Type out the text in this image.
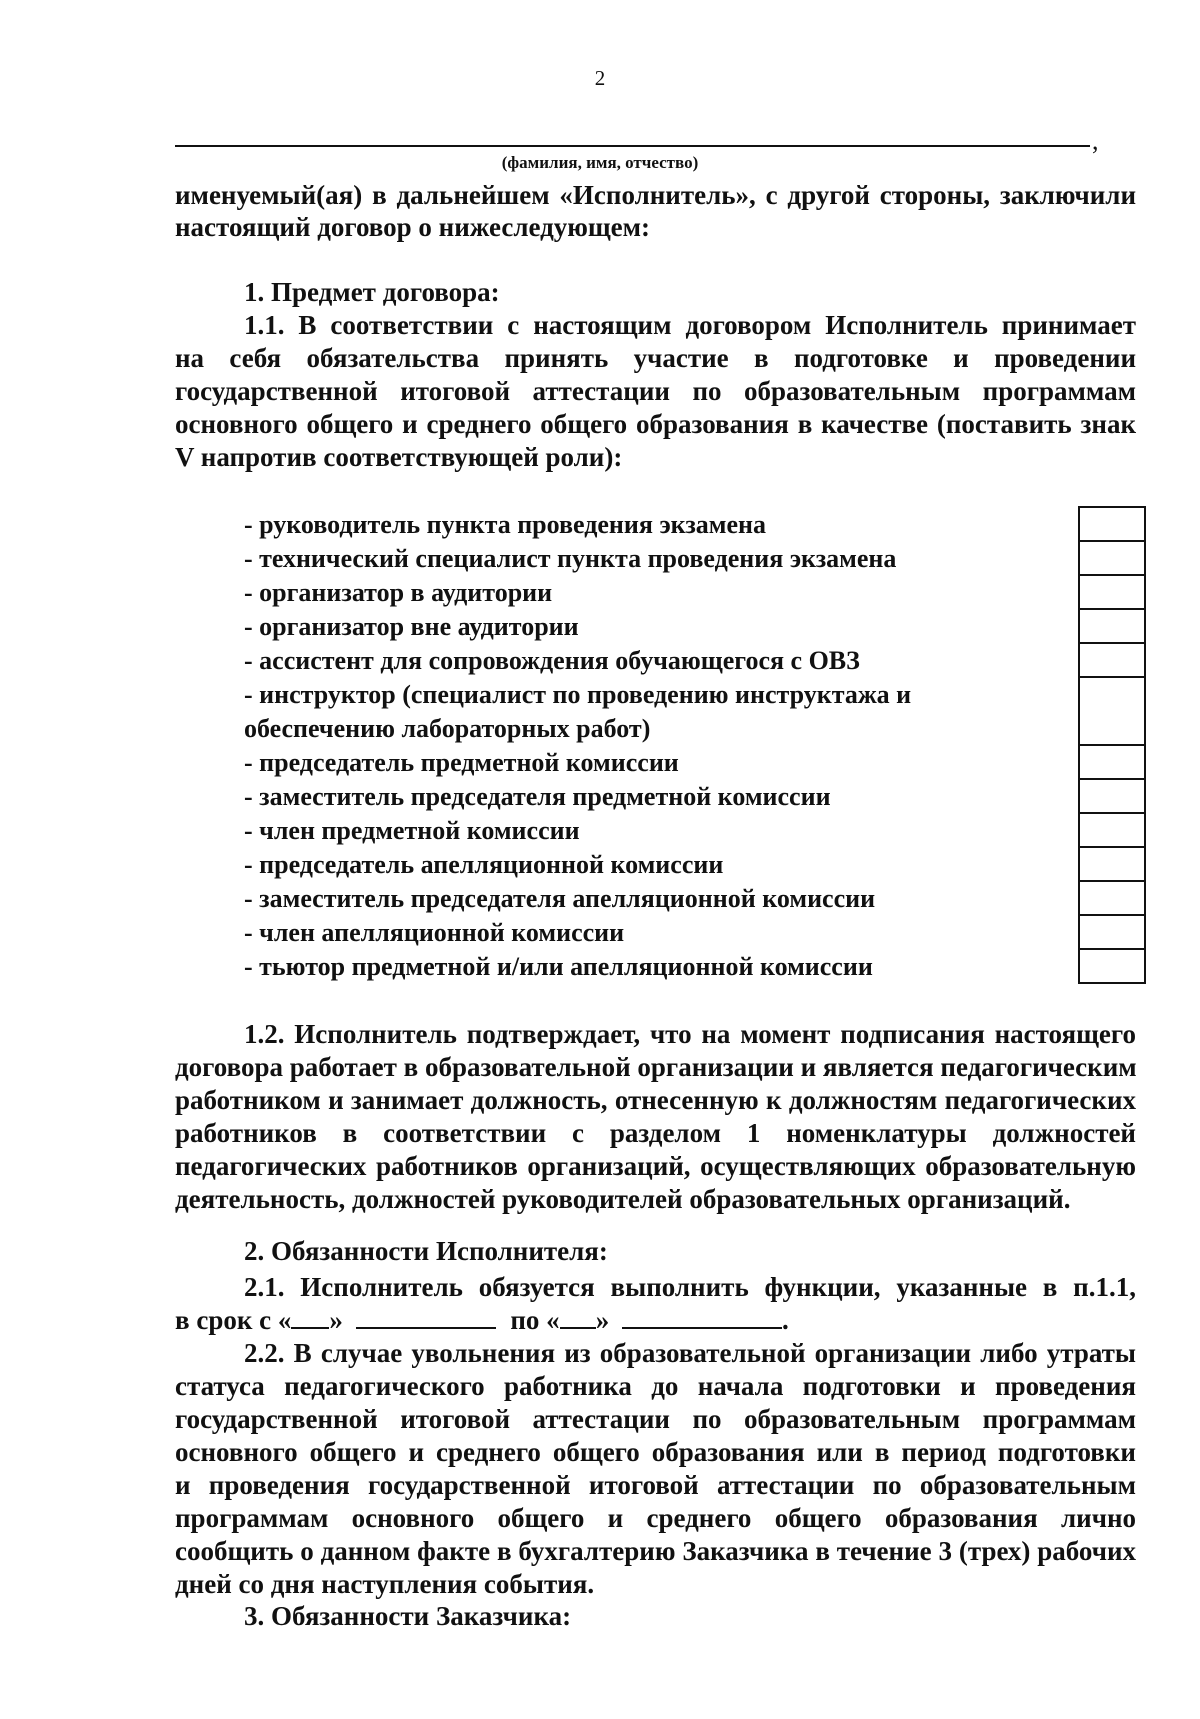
2
,
(фамилия, имя, отчество)
именуемый(ая) в дальнейшем «Исполнитель», с другой стороны, заключили
настоящий договор о нижеследующем:
1. Предмет договора:
1.1. В соответствии с настоящим договором Исполнитель принимает
на себя обязательства принять участие в подготовке и проведении
государственной итоговой аттестации по образовательным программам
основного общего и среднего общего образования в качестве (поставить знак
V напротив соответствующей роли):
- руководитель пункта проведения экзамена
- технический специалист пункта проведения экзамена
- организатор в аудитории
- организатор вне аудитории
- ассистент для сопровождения обучающегося с ОВЗ
- инструктор (специалист по проведению инструктажа и обеспечению лабораторных работ)
- председатель предметной комиссии
- заместитель председателя предметной комиссии
- член предметной комиссии
- председатель апелляционной комиссии
- заместитель председателя апелляционной комиссии
- член апелляционной комиссии
- тьютор предметной и/или апелляционной комиссии
1.2. Исполнитель подтверждает, что на момент подписания настоящего
договора работает в образовательной организации и является педагогическим
работником и занимает должность, отнесенную к должностям педагогических
работников в соответствии с разделом 1 номенклатуры должностей
педагогических работников организаций, осуществляющих образовательную
деятельность, должностей руководителей образовательных организаций.
2. Обязанности Исполнителя:
2.1. Исполнитель обязуется выполнить функции, указанные в п.1.1,
в срок с « »	по « »	.
2.2. В случае увольнения из образовательной организации либо утраты
статуса педагогического работника до начала подготовки и проведения
государственной итоговой аттестации по образовательным программам
основного общего и среднего общего образования или в период подготовки
и проведения государственной итоговой аттестации по образовательным
программам основного общего и среднего общего образования лично
сообщить о данном факте в бухгалтерию Заказчика в течение 3 (трех) рабочих
дней со дня наступления события.
3. Обязанности Заказчика:
